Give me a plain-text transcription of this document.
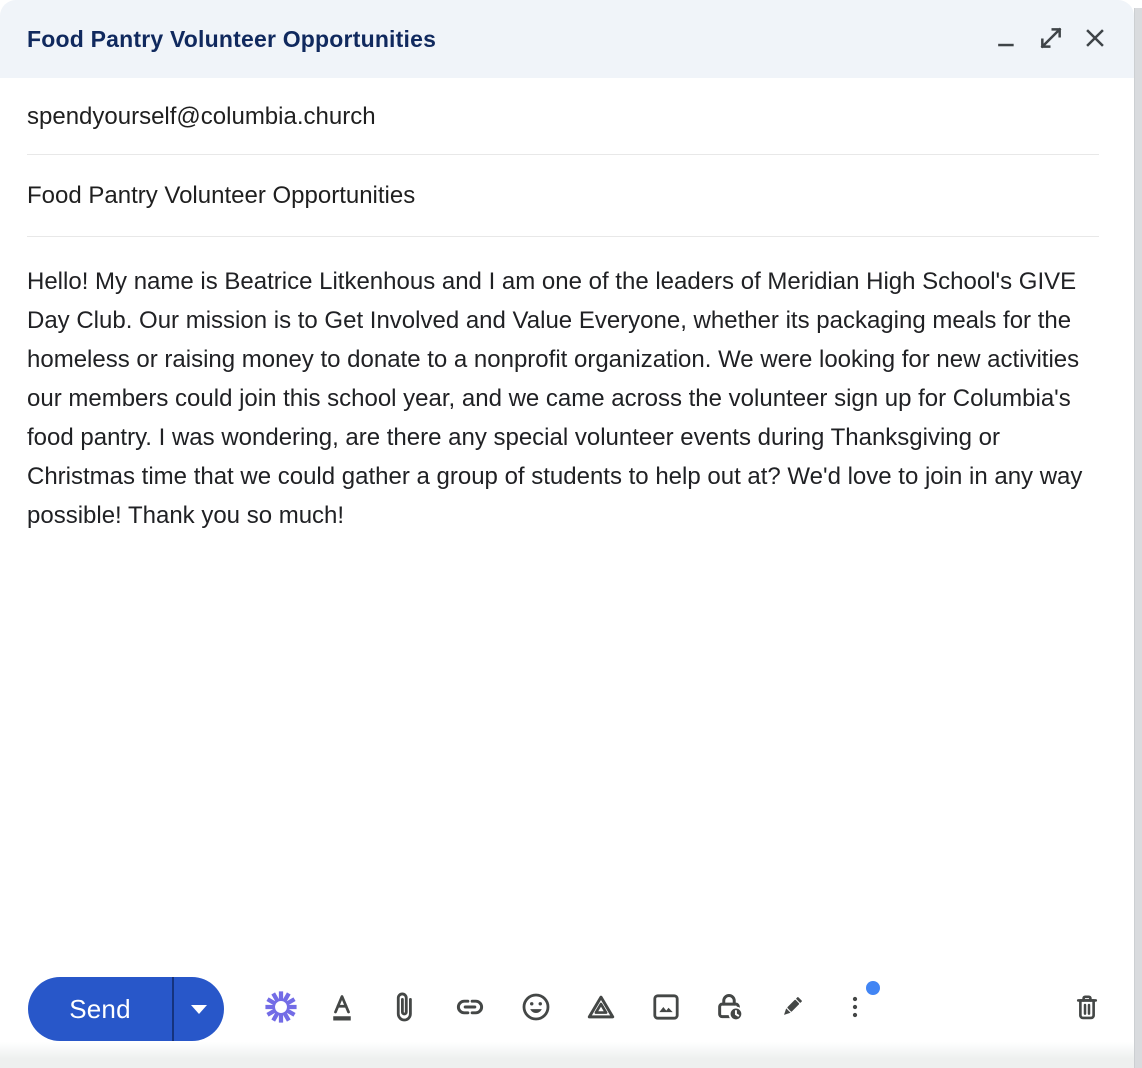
Food Pantry Volunteer Opportunities
spendyourself@columbia.church
Food Pantry Volunteer Opportunities
Hello! My name is Beatrice Litkenhous and I am one of the leaders of Meridian High School's GIVE Day Club. Our mission is to Get Involved and Value Everyone, whether its packaging meals for the homeless or raising money to donate to a nonprofit organization. We were looking for new activities our members could join this school year, and we came across the volunteer sign up for Columbia's food pantry. I was wondering, are there any special volunteer events during Thanksgiving or Christmas time that we could gather a group of students to help out at? We'd love to join in any way possible! Thank you so much!
Send
